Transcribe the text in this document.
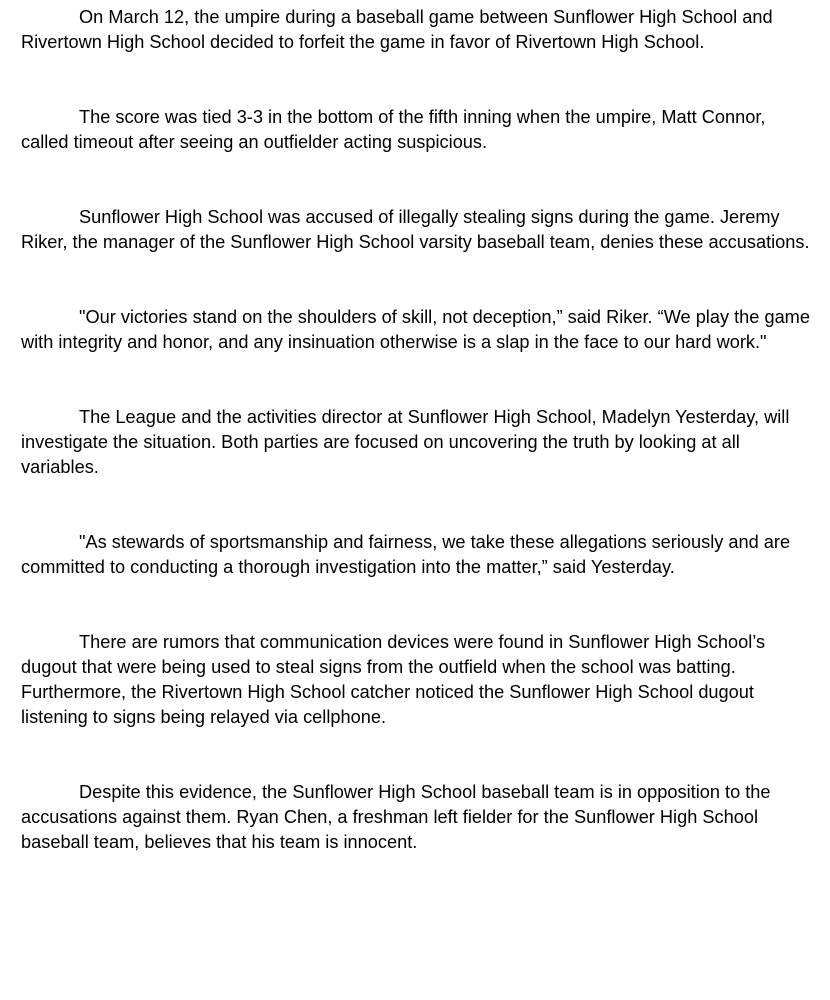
On March 12, the umpire during a baseball game between Sunflower High School and Rivertown High School decided to forfeit the game in favor of Rivertown High School.

The score was tied 3-3 in the bottom of the fifth inning when the umpire, Matt Connor, called timeout after seeing an outfielder acting suspicious.

Sunflower High School was accused of illegally stealing signs during the game. Jeremy Riker, the manager of the Sunflower High School varsity baseball team, denies these accusations.

"Our victories stand on the shoulders of skill, not deception,” said Riker. “We play the game with integrity and honor, and any insinuation otherwise is a slap in the face to our hard work."

The League and the activities director at Sunflower High School, Madelyn Yesterday, will investigate the situation. Both parties are focused on uncovering the truth by looking at all variables.

"As stewards of sportsmanship and fairness, we take these allegations seriously and are committed to conducting a thorough investigation into the matter,” said Yesterday.

There are rumors that communication devices were found in Sunflower High School’s dugout that were being used to steal signs from the outfield when the school was batting. Furthermore, the Rivertown High School catcher noticed the Sunflower High School dugout listening to signs being relayed via cellphone.

Despite this evidence, the Sunflower High School baseball team is in opposition to the accusations against them. Ryan Chen, a freshman left fielder for the Sunflower High School baseball team, believes that his team is innocent.
